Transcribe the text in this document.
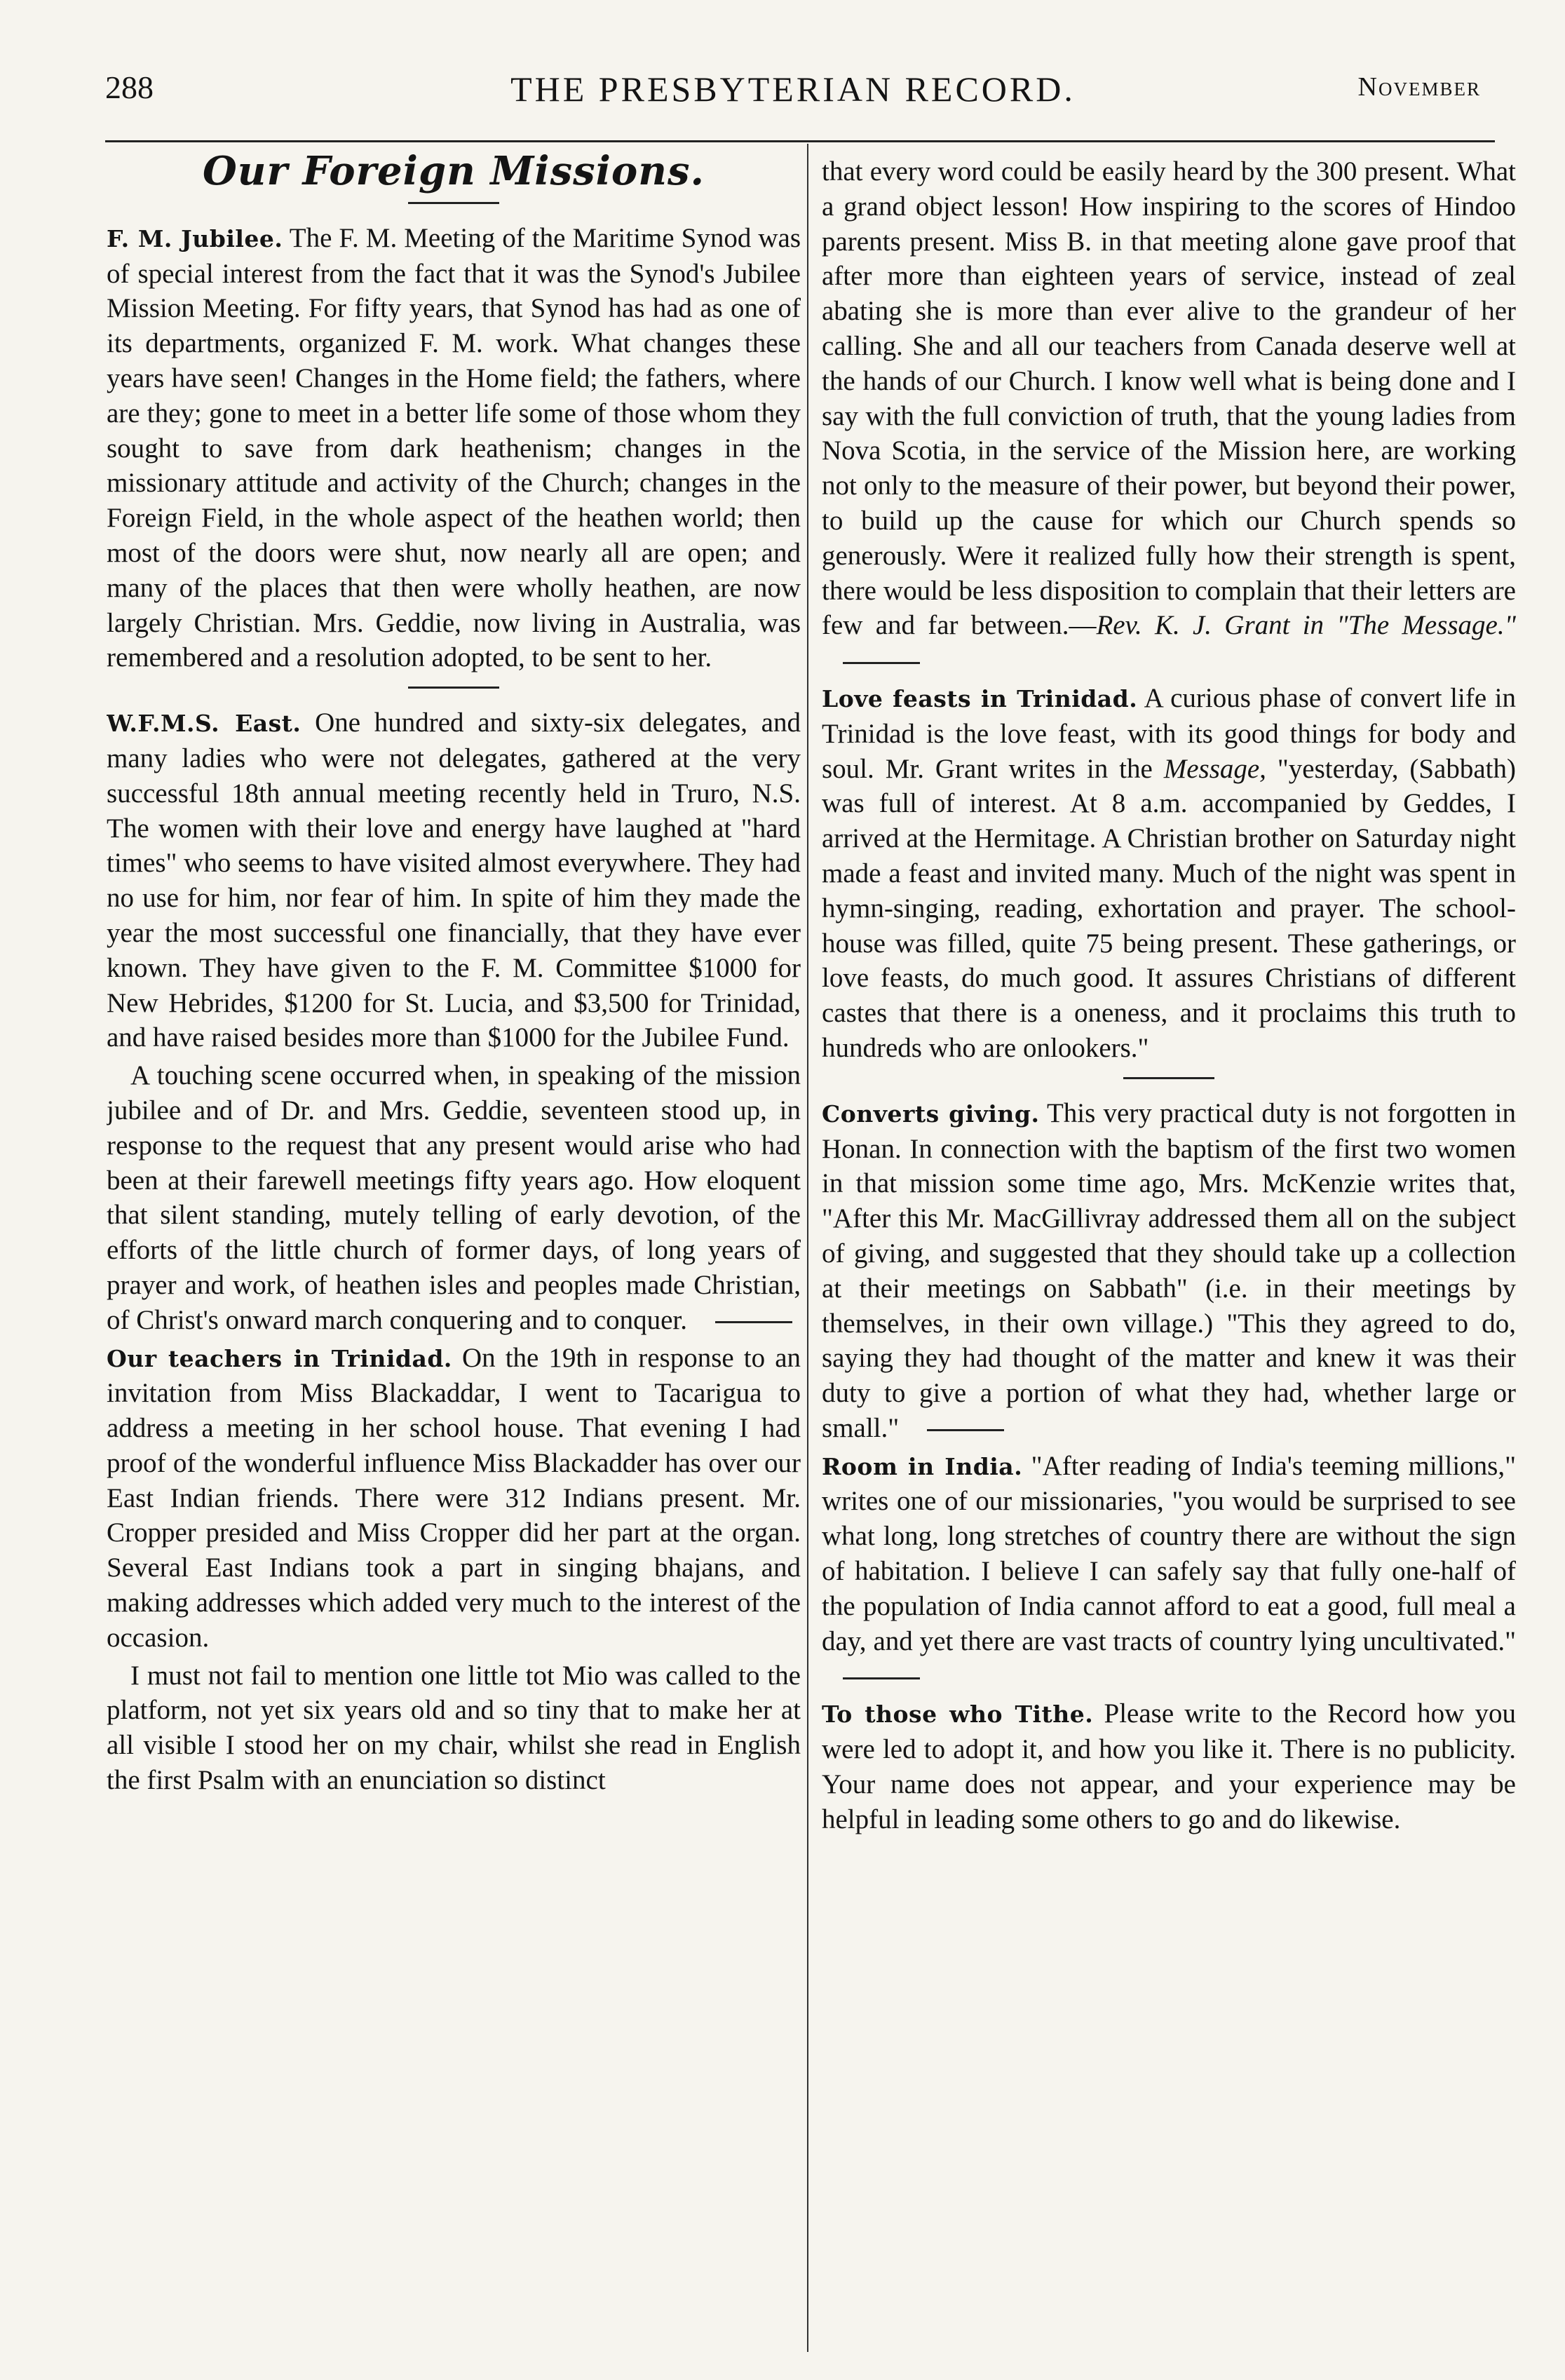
288	THE PRESBYTERIAN RECORD.	November
Our Foreign Missions.

F. M. Jubilee. The F. M. Meeting of the Maritime Synod was of special interest from the fact that it was the Synod's Jubilee Mission Meeting. For fifty years, that Synod has had as one of its departments, organized F. M. work. What changes these years have seen! Changes in the Home field; the fathers, where are they; gone to meet in a better life some of those whom they sought to save from dark heathenism; changes in the missionary attitude and activity of the Church; changes in the Foreign Field, in the whole aspect of the heathen world; then most of the doors were shut, now nearly all are open; and many of the places that then were wholly heathen, are now largely Christian. Mrs. Geddie, now living in Australia, was remembered and a resolution adopted, to be sent to her.

W.F.M.S. East. One hundred and sixty-six delegates, and many ladies who were not delegates, gathered at the very successful 18th annual meeting recently held in Truro, N.S. The women with their love and energy have laughed at "hard times" who seems to have visited almost everywhere. They had no use for him, nor fear of him. In spite of him they made the year the most successful one financially, that they have ever known. They have given to the F. M. Committee $1000 for New Hebrides, $1200 for St. Lucia, and $3,500 for Trinidad, and have raised besides more than $1000 for the Jubilee Fund.

A touching scene occurred when, in speaking of the mission jubilee and of Dr. and Mrs. Geddie, seventeen stood up, in response to the request that any present would arise who had been at their farewell meetings fifty years ago. How eloquent that silent standing, mutely telling of early devotion, of the efforts of the little church of former days, of long years of prayer and work, of heathen isles and peoples made Christian, of Christ's onward march conquering and to conquer.

Our teachers in Trinidad. On the 19th in response to an invitation from Miss Blackaddar, I went to Tacarigua to address a meeting in her school house. That evening I had proof of the wonderful influence Miss Blackadder has over our East Indian friends. There were 312 Indians present. Mr. Cropper presided and Miss Cropper did her part at the organ. Several East Indians took a part in singing bhajans, and making addresses which added very much to the interest of the occasion.

I must not fail to mention one little tot Mio was called to the platform, not yet six years old and so tiny that to make her at all visible I stood her on my chair, whilst she read in English the first Psalm with an enunciation so distinct

that every word could be easily heard by the 300 present. What a grand object lesson! How inspiring to the scores of Hindoo parents present. Miss B. in that meeting alone gave proof that after more than eighteen years of service, instead of zeal abating she is more than ever alive to the grandeur of her calling. She and all our teachers from Canada deserve well at the hands of our Church. I know well what is being done and I say with the full conviction of truth, that the young ladies from Nova Scotia, in the service of the Mission here, are working not only to the measure of their power, but beyond their power, to build up the cause for which our Church spends so generously. Were it realized fully how their strength is spent, there would be less disposition to complain that their letters are few and far between.—Rev. K. J. Grant in "The Message."

Love feasts in Trinidad. A curious phase of convert life in Trinidad is the love feast, with its good things for body and soul. Mr. Grant writes in the Message, "yesterday, (Sabbath) was full of interest. At 8 a.m. accompanied by Geddes, I arrived at the Hermitage. A Christian brother on Saturday night made a feast and invited many. Much of the night was spent in hymn-singing, reading, exhortation and prayer. The school-house was filled, quite 75 being present. These gatherings, or love feasts, do much good. It assures Christians of different castes that there is a oneness, and it proclaims this truth to hundreds who are onlookers."

Converts giving. This very practical duty is not forgotten in Honan. In connection with the baptism of the first two women in that mission some time ago, Mrs. McKenzie writes that, "After this Mr. MacGillivray addressed them all on the subject of giving, and suggested that they should take up a collection at their meetings on Sabbath" (i.e. in their meetings by themselves, in their own village.) "This they agreed to do, saying they had thought of the matter and knew it was their duty to give a portion of what they had, whether large or small."

Room in India. "After reading of India's teeming millions," writes one of our missionaries, "you would be surprised to see what long, long stretches of country there are without the sign of habitation. I believe I can safely say that fully one-half of the population of India cannot afford to eat a good, full meal a day, and yet there are vast tracts of country lying uncultivated."

To those who Tithe. Please write to the Record how you were led to adopt it, and how you like it. There is no publicity. Your name does not appear, and your experience may be helpful in leading some others to go and do likewise.
